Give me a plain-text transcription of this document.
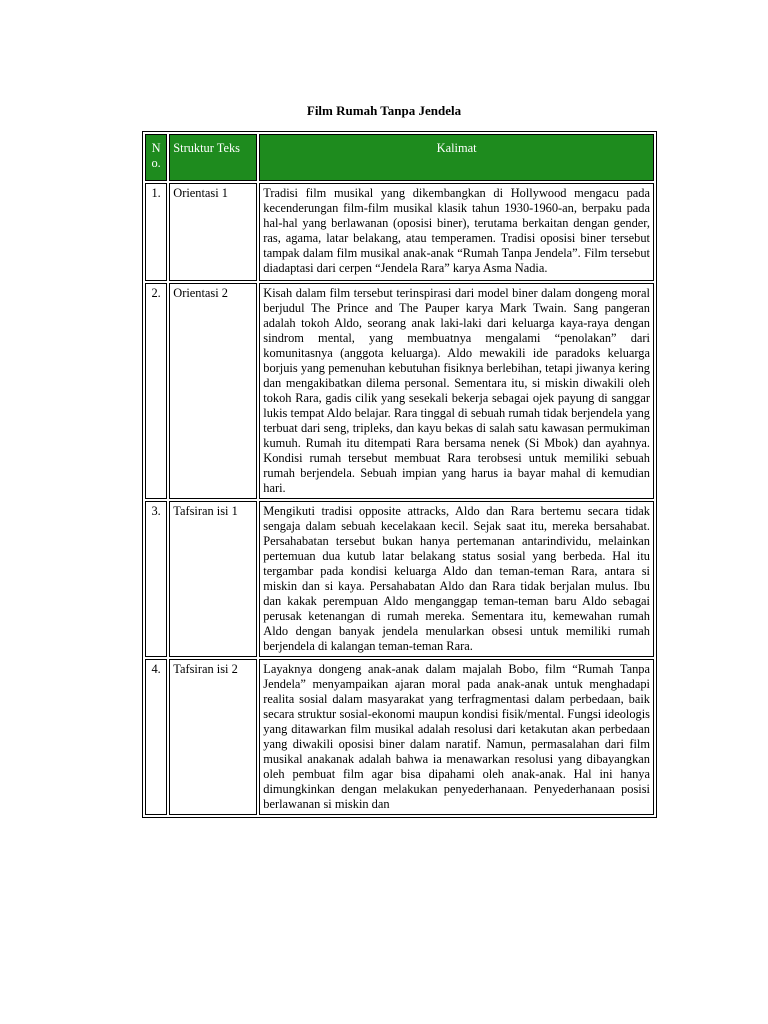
Film Rumah Tanpa Jendela
No.	Struktur Teks	Kalimat
1.	Orientasi 1	Tradisi film musikal yang dikembangkan di Hollywood mengacu pada kecenderungan film-film musikal klasik tahun 1930-1960-an, berpaku pada hal-hal yang berlawanan (oposisi biner), terutama berkaitan dengan gender, ras, agama, latar belakang, atau temperamen. Tradisi oposisi biner tersebut tampak dalam film musikal anak-anak “Rumah Tanpa Jendela”. Film tersebut diadaptasi dari cerpen “Jendela Rara” karya Asma Nadia.
2.	Orientasi 2	Kisah dalam film tersebut terinspirasi dari model biner dalam dongeng moral berjudul The Prince and The Pauper karya Mark Twain. Sang pangeran adalah tokoh Aldo, seorang anak laki-laki dari keluarga kaya-raya dengan sindrom mental, yang membuatnya mengalami “penolakan” dari komunitasnya (anggota keluarga). Aldo mewakili ide paradoks keluarga borjuis yang pemenuhan kebutuhan fisiknya berlebihan, tetapi jiwanya kering dan mengakibatkan dilema personal. Sementara itu, si miskin diwakili oleh tokoh Rara, gadis cilik yang sesekali bekerja sebagai ojek payung di sanggar lukis tempat Aldo belajar. Rara tinggal di sebuah rumah tidak berjendela yang terbuat dari seng, tripleks, dan kayu bekas di salah satu kawasan permukiman kumuh. Rumah itu ditempati Rara bersama nenek (Si Mbok) dan ayahnya. Kondisi rumah tersebut membuat Rara terobsesi untuk memiliki sebuah rumah berjendela. Sebuah impian yang harus ia bayar mahal di kemudian hari.
3.	Tafsiran isi 1	Mengikuti tradisi opposite attracks, Aldo dan Rara bertemu secara tidak sengaja dalam sebuah kecelakaan kecil. Sejak saat itu, mereka bersahabat. Persahabatan tersebut bukan hanya pertemanan antarindividu, melainkan pertemuan dua kutub latar belakang status sosial yang berbeda. Hal itu tergambar pada kondisi keluarga Aldo dan teman-teman Rara, antara si miskin dan si kaya. Persahabatan Aldo dan Rara tidak berjalan mulus. Ibu dan kakak perempuan Aldo menganggap teman-teman baru Aldo sebagai perusak ketenangan di rumah mereka. Sementara itu, kemewahan rumah Aldo dengan banyak jendela menularkan obsesi untuk memiliki rumah berjendela di kalangan teman-teman Rara.
4.	Tafsiran isi 2	Layaknya dongeng anak-anak dalam majalah Bobo, film “Rumah Tanpa Jendela” menyampaikan ajaran moral pada anak-anak untuk menghadapi realita sosial dalam masyarakat yang terfragmentasi dalam perbedaan, baik secara struktur sosial-ekonomi maupun kondisi fisik/mental. Fungsi ideologis yang ditawarkan film musikal adalah resolusi dari ketakutan akan perbedaan yang diwakili oposisi biner dalam naratif. Namun, permasalahan dari film musikal anakanak adalah bahwa ia menawarkan resolusi yang dibayangkan oleh pembuat film agar bisa dipahami oleh anak-anak. Hal ini hanya dimungkinkan dengan melakukan penyederhanaan. Penyederhanaan posisi berlawanan si miskin dan
